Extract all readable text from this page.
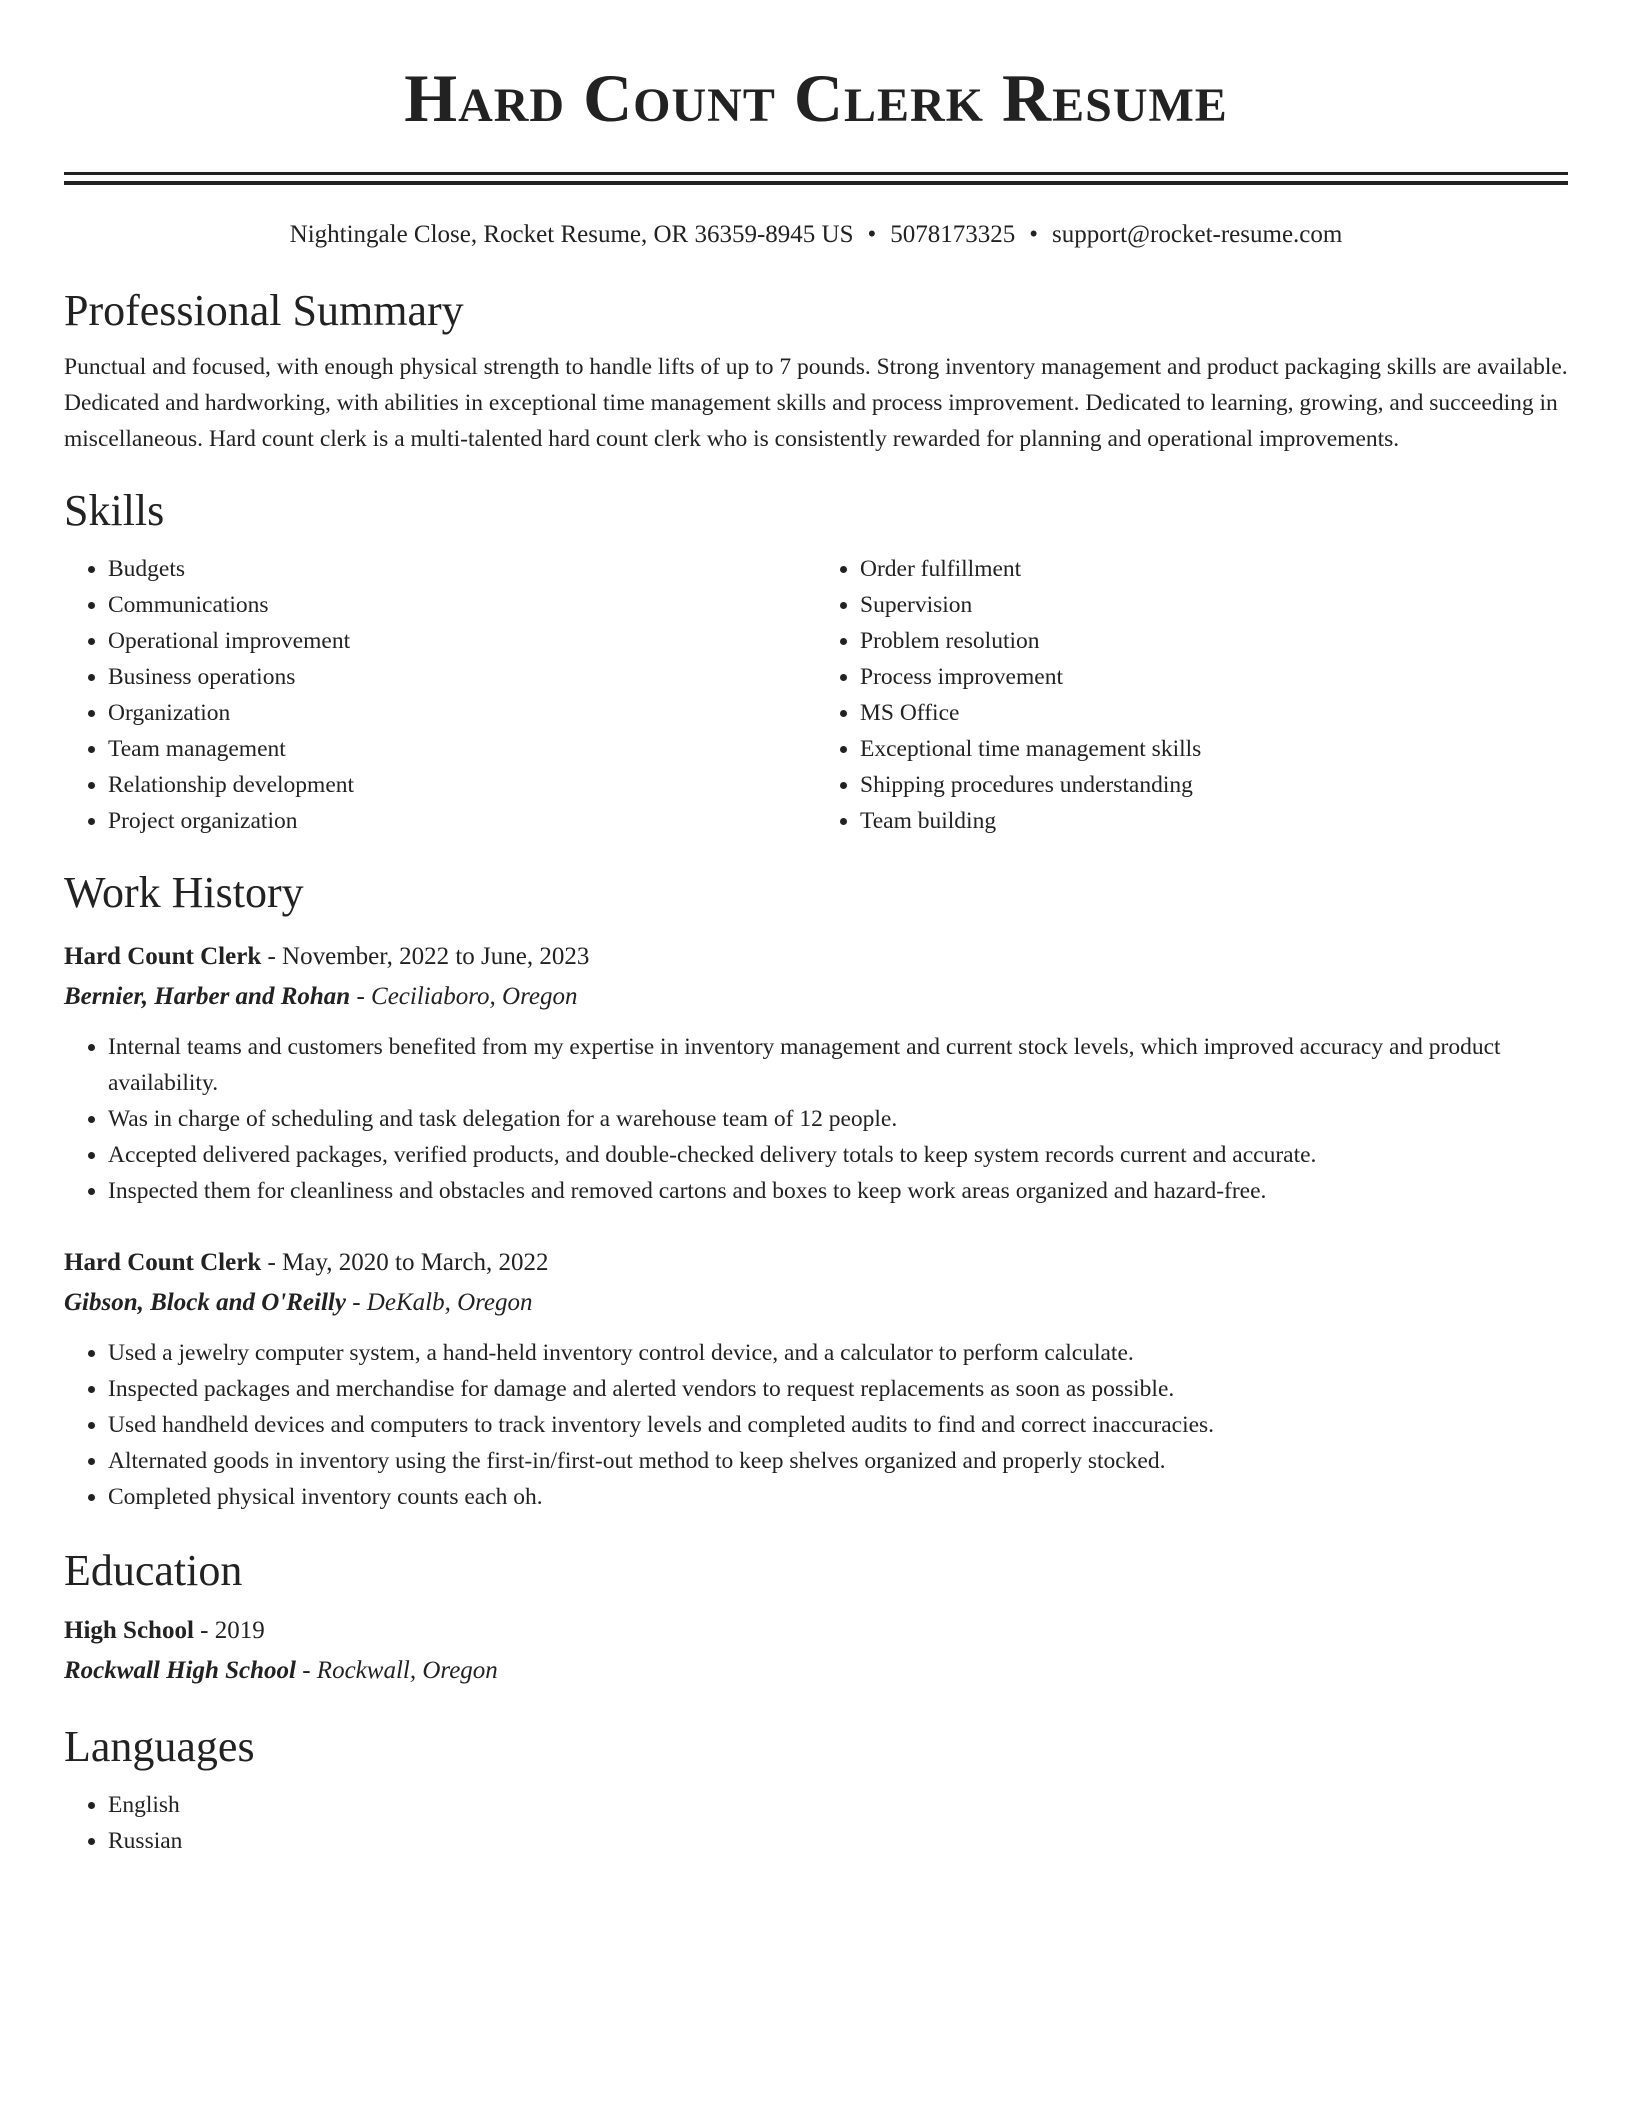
Hard Count Clerk Resume
Nightingale Close, Rocket Resume, OR 36359-8945 US • 5078173325 • support@rocket-resume.com
Professional Summary

Punctual and focused, with enough physical strength to handle lifts of up to 7 pounds. Strong inventory management and product packaging skills are available. Dedicated and hardworking, with abilities in exceptional time management skills and process improvement. Dedicated to learning, growing, and succeeding in miscellaneous. Hard count clerk is a multi-talented hard count clerk who is consistently rewarded for planning and operational improvements.

Skills
• Budgets
• Communications
• Operational improvement
• Business operations
• Organization
• Team management
• Relationship development
• Project organization
• Order fulfillment
• Supervision
• Problem resolution
• Process improvement
• MS Office
• Exceptional time management skills
• Shipping procedures understanding
• Team building
Work History
Hard Count Clerk - November, 2022 to June, 2023
Bernier, Harber and Rohan - Ceciliaboro, Oregon
• Internal teams and customers benefited from my expertise in inventory management and current stock levels, which improved accuracy and product availability.
• Was in charge of scheduling and task delegation for a warehouse team of 12 people.
• Accepted delivered packages, verified products, and double-checked delivery totals to keep system records current and accurate.
• Inspected them for cleanliness and obstacles and removed cartons and boxes to keep work areas organized and hazard-free.
Hard Count Clerk - May, 2020 to March, 2022
Gibson, Block and O'Reilly - DeKalb, Oregon
• Used a jewelry computer system, a hand-held inventory control device, and a calculator to perform calculate.
• Inspected packages and merchandise for damage and alerted vendors to request replacements as soon as possible.
• Used handheld devices and computers to track inventory levels and completed audits to find and correct inaccuracies.
• Alternated goods in inventory using the first-in/first-out method to keep shelves organized and properly stocked.
• Completed physical inventory counts each oh.
Education
High School - 2019
Rockwall High School - Rockwall, Oregon
Languages
• English
• Russian
